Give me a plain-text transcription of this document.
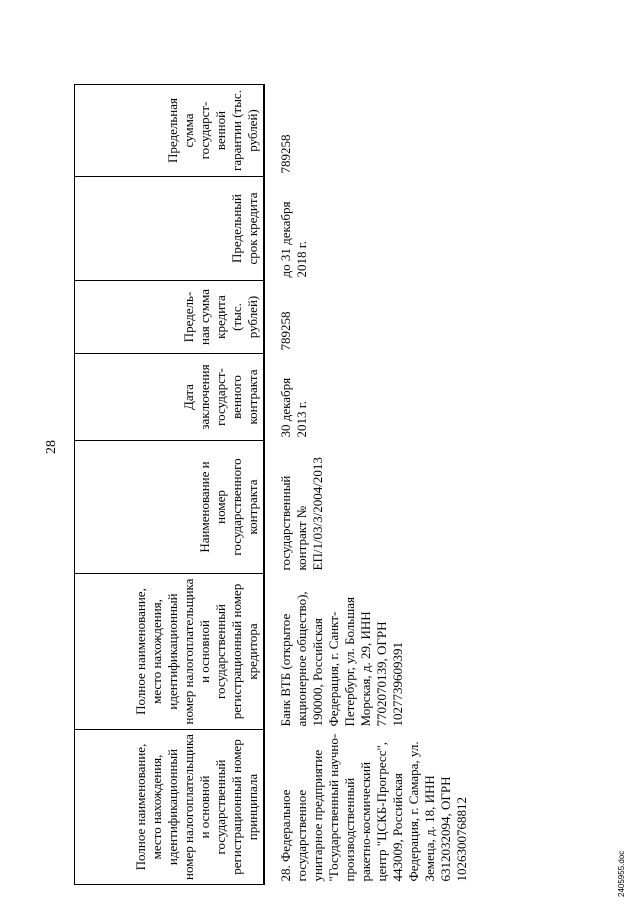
28
Полное наименование, место нахождения, идентификационный номер налогоплательщика и основной государственный регистрационный номер принципала	Полное наименование, место нахождения, идентификационный номер налогоплательщика и основной государственный регистрационный номер кредитора	Наименование и номер государственного контракта	Дата заключения государст-венного контракта	Предель-ная сумма кредита (тыс. рублей)	Предельный срок кредита	Предельная сумма государст-венной гарантии (тыс. рублей)

28. Федеральное государственное унитарное предприятие "Государственный научно-производственный ракетно-космический центр "ЦСКБ-Прогресс", 443009, Российская Федерация, г. Самара, ул. Земеца, д. 18, ИНН 6312032094, ОГРН 1026300768812	Банк ВТБ (открытое акционерное общество), 190000, Российская Федерация, г. Санкт-Петербург, ул. Большая Морская, д. 29, ИНН 7702070139, ОГРН 1027739609391	государственный контракт № ЕП/1/03/3/2004/2013	30 декабря 2013 г.	789258	до 31 декабря 2018 г.	789258
2405955.doc
